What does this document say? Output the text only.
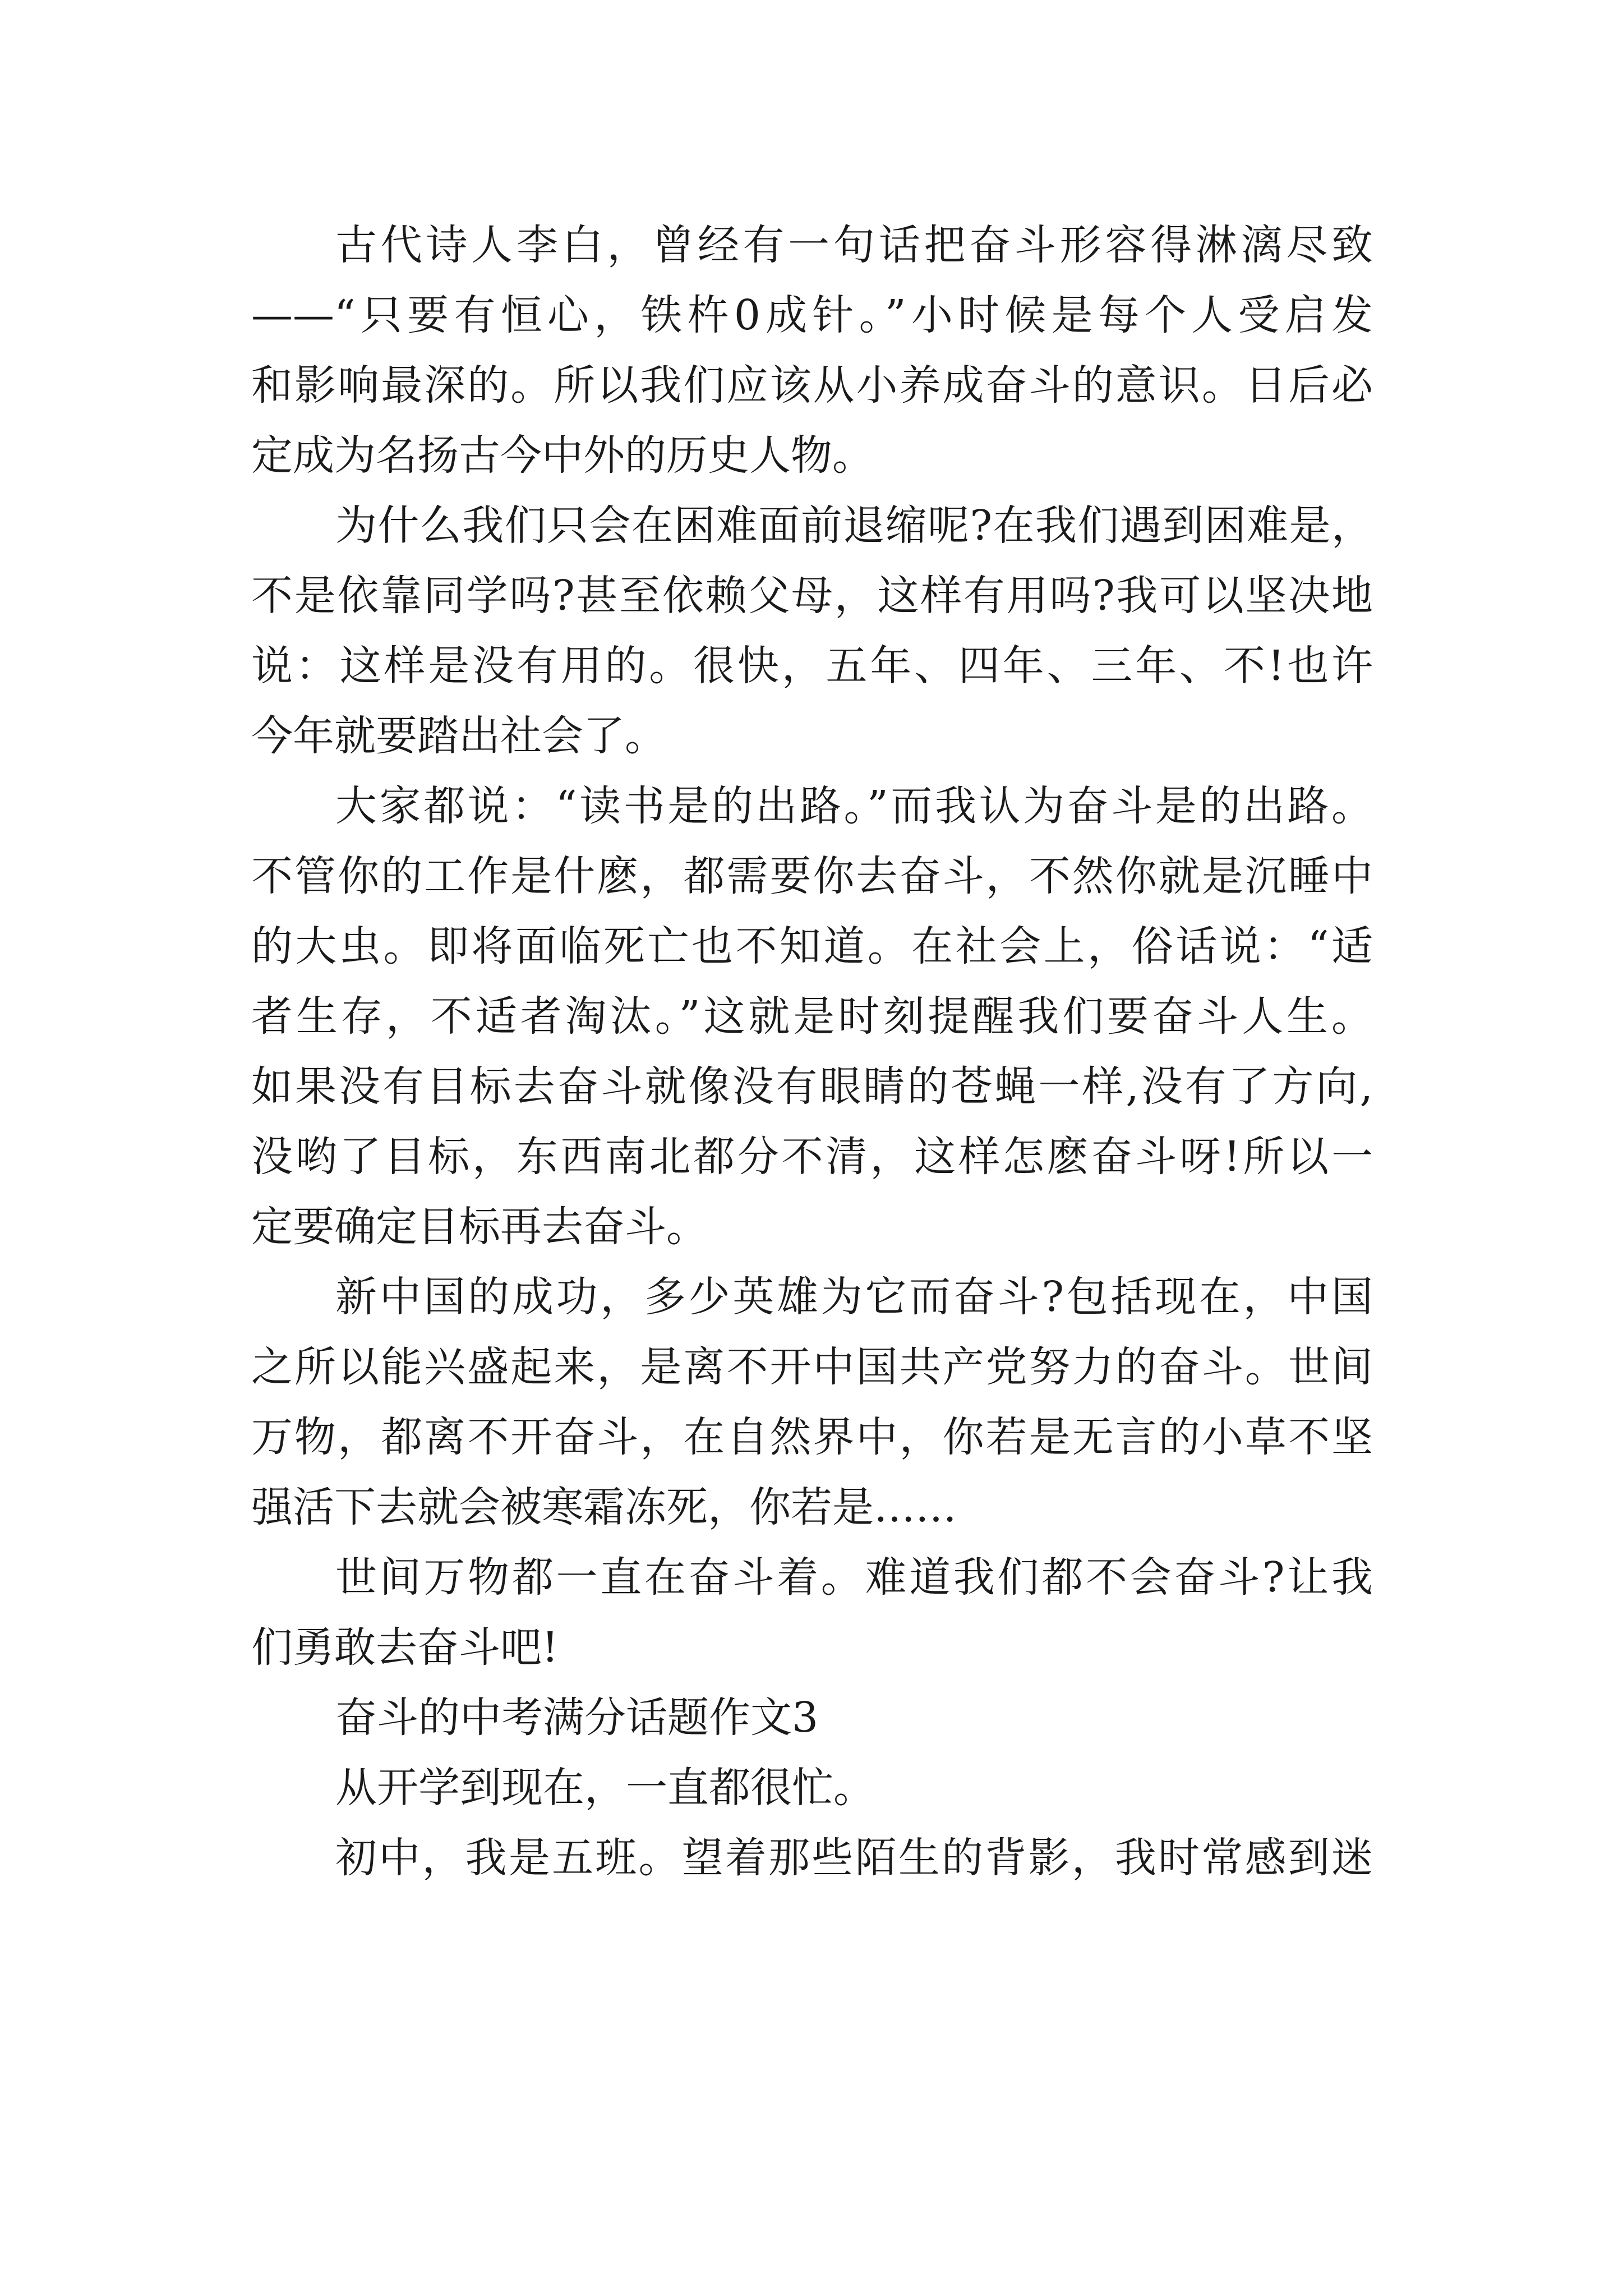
古代诗人李白，曾经有一句话把奋斗形容得淋漓尽致
——“只要有恒心，铁杵0成针。”小时候是每个人受启发
和影响最深的。所以我们应该从小养成奋斗的意识。日后必
定成为名扬古今中外的历史人物。
为什么我们只会在困难面前退缩呢?在我们遇到困难是，
不是依靠同学吗?甚至依赖父母，这样有用吗?我可以坚决地
说：这样是没有用的。很快，五年、四年、三年、不!也许
今年就要踏出社会了。
大家都说：“读书是的出路。”而我认为奋斗是的出路。
不管你的工作是什麽，都需要你去奋斗，不然你就是沉睡中
的大虫。即将面临死亡也不知道。在社会上，俗话说：“适
者生存，不适者淘汰。”这就是时刻提醒我们要奋斗人生。
如果没有目标去奋斗就像没有眼睛的苍蝇一样,没有了方向,
没哟了目标，东西南北都分不清，这样怎麽奋斗呀!所以一
定要确定目标再去奋斗。
新中国的成功，多少英雄为它而奋斗?包括现在，中国
之所以能兴盛起来，是离不开中国共产党努力的奋斗。世间
万物，都离不开奋斗，在自然界中，你若是无言的小草不坚
强活下去就会被寒霜冻死，你若是……
世间万物都一直在奋斗着。难道我们都不会奋斗?让我
们勇敢去奋斗吧!
奋斗的中考满分话题作文3
从开学到现在，一直都很忙。
初中，我是五班。望着那些陌生的背影，我时常感到迷
